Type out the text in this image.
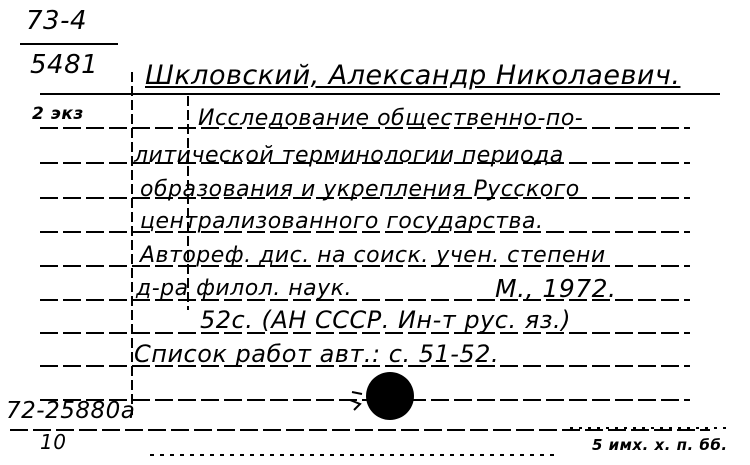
73-4
5481
2 экз
Шкловский, Александр Николаевич.
Исследование общественно-по-
литической терминологии периода
образования и укрепления Русского
централизованного государства.
Автореф. дис. на соиск. учен. степени
д-ра филол. наук.	М., 1972.
52с. (АН СССР. Ин-т рус. яз.)
Список работ авт.: с. 51-52.
72-25880а
10	5 имх. х. п. бб.
